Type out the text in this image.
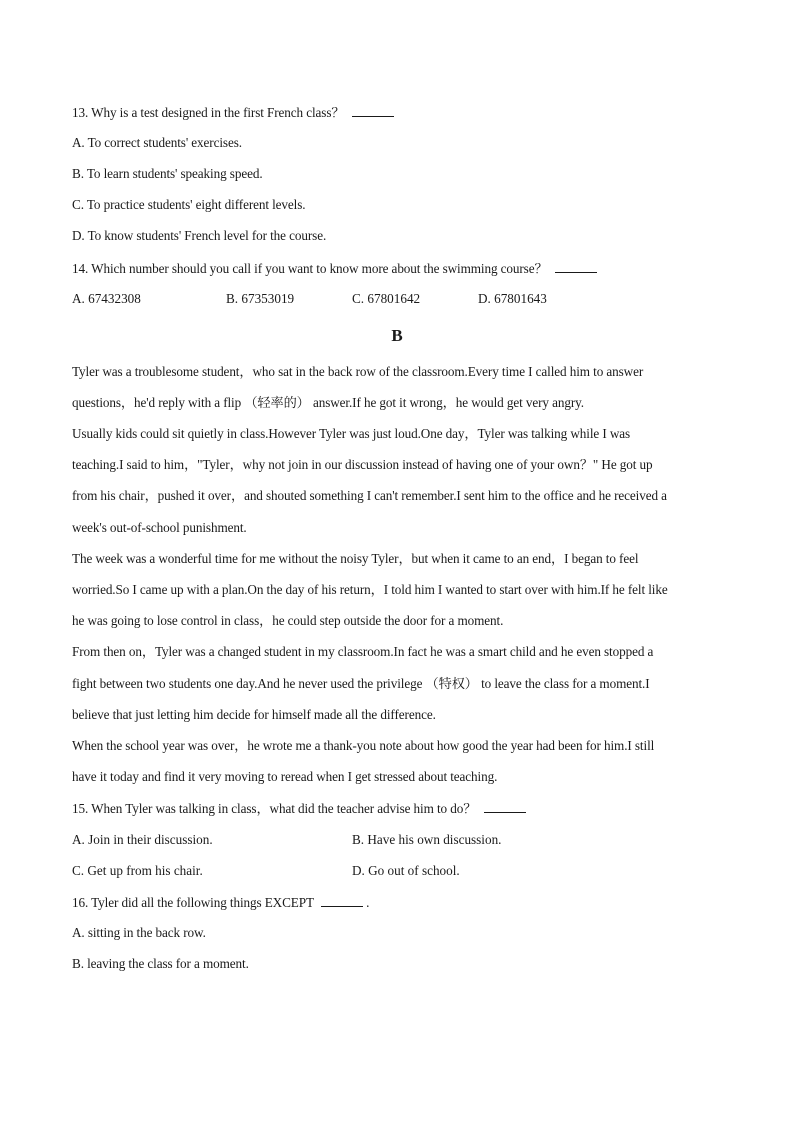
13. Why is a test designed in the first French class？
A. To correct students' exercises.
B. To learn students' speaking speed.
C. To practice students' eight different levels.
D. To know students' French level for the course.
14. Which number should you call if you want to know more about the swimming course？
A. 67432308	B. 67353019	C. 67801642	D. 67801643
B
Tyler was a troublesome student，who sat in the back row of the classroom.Every time I called him to answer
questions，he'd reply with a flip （轻率的） answer.If he got it wrong，he would get very angry.
Usually kids could sit quietly in class.However Tyler was just loud.One day，Tyler was talking while I was
teaching.I said to him，"Tyler，why not join in our discussion instead of having one of your own？" He got up
from his chair，pushed it over，and shouted something I can't remember.I sent him to the office and he received a
week's out-of-school punishment.
The week was a wonderful time for me without the noisy Tyler，but when it came to an end，I began to feel
worried.So I came up with a plan.On the day of his return，I told him I wanted to start over with him.If he felt like
he was going to lose control in class，he could step outside the door for a moment.
From then on，Tyler was a changed student in my classroom.In fact he was a smart child and he even stopped a
fight between two students one day.And he never used the privilege （特权） to leave the class for a moment.I
believe that just letting him decide for himself made all the difference.
When the school year was over，he wrote me a thank-you note about how good the year had been for him.I still
have it today and find it very moving to reread when I get stressed about teaching.
15. When Tyler was talking in class，what did the teacher advise him to do？
A. Join in their discussion.	B. Have his own discussion.
C. Get up from his chair.	D. Go out of school.
16. Tyler did all the following things EXCEPT	.
A. sitting in the back row.
B. leaving the class for a moment.
